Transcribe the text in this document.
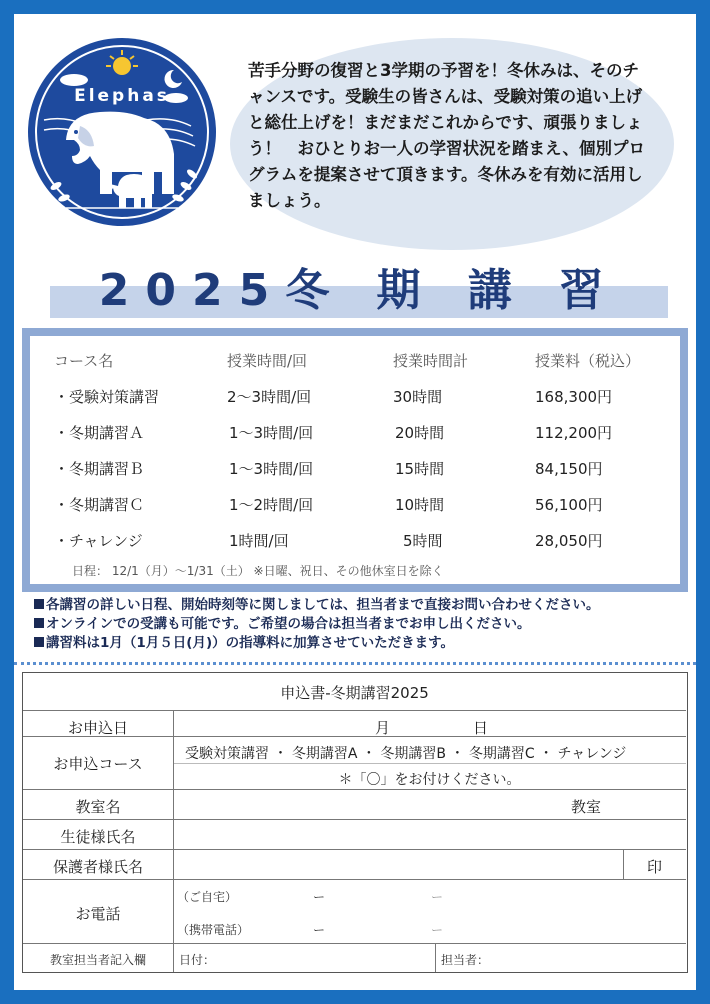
Elephas
苦手分野の復習と3学期の予習を！冬休みは、そのチャンスです。受験生の皆さんは、受験対策の追い上げと総仕上げを！まだまだこれからです、頑張りましょう！　おひとりお一人の学習状況を踏まえ、個別プログラムを提案させて頂きます。冬休みを有効に活用しましょう。
2025冬 期 講 習
コース名	授業時間/回	授業時間計	授業料（税込）
・受験対策講習	2〜3時間/回	30時間	168,300円
・冬期講習Ａ	1〜3時間/回	20時間	112,200円
・冬期講習Ｂ	1〜3時間/回	15時間	84,150円
・冬期講習Ｃ	1〜2時間/回	10時間	56,100円
・チャレンジ	1時間/回	5時間	28,050円
日程： 12/1（月）〜1/31（土） ※日曜、祝日、その他休室日を除く
各講習の詳しい日程、開始時刻等に関しましては、担当者まで直接お問い合わせください。
オンラインでの受講も可能です。ご希望の場合は担当者までお申し出ください。
講習料は1月（1月５日(月)）の指導料に加算させていただきます。
申込書-冬期講習2025
お申込日	月	日
お申込コース
受験対策講習 ・ 冬期講習A ・ 冬期講習B ・ 冬期講習C ・ チャレンジ
＊「〇」をお付けください。
教室名	教室
生徒様氏名
保護者様氏名	印
お電話
（ご自宅）	ー	ー
（携帯電話）	ー	ー
教室担当者記入欄	日付：	担当者：
